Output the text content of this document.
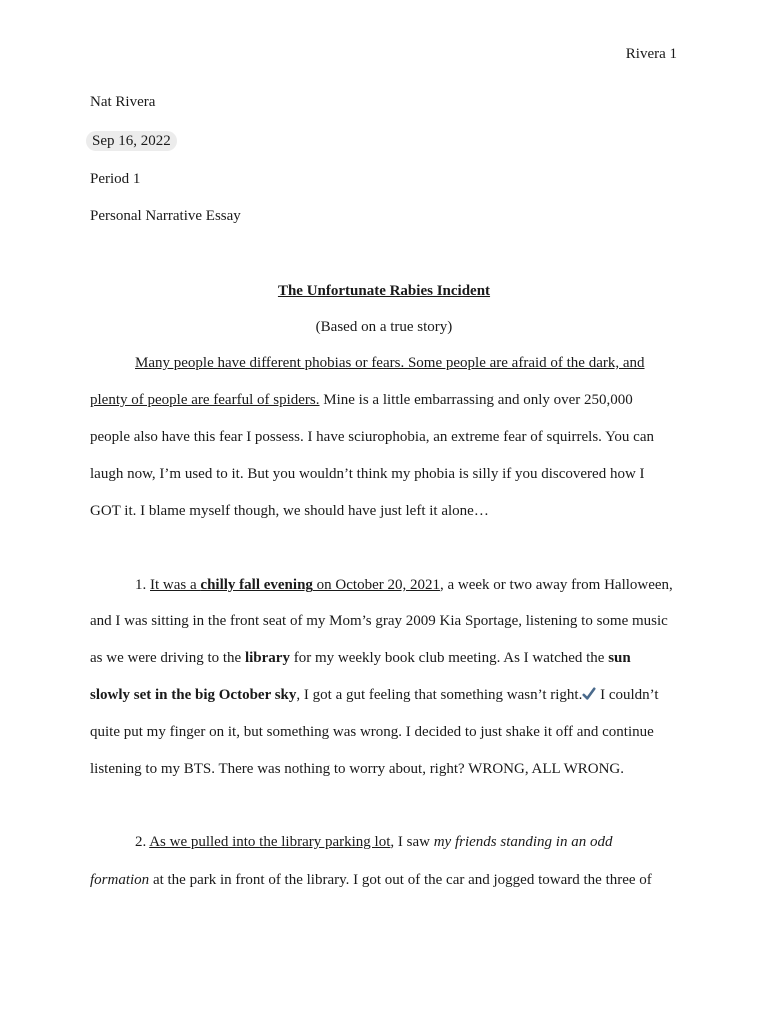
Rivera 1
Nat Rivera
Sep 16, 2022
Period 1
Personal Narrative Essay
The Unfortunate Rabies Incident
(Based on a true story)
Many people have different phobias or fears. Some people are afraid of the dark, and
plenty of people are fearful of spiders. Mine is a little embarrassing and only over 250,000
people also have this fear I possess. I have sciurophobia, an extreme fear of squirrels. You can
laugh now, I’m used to it. But you wouldn’t think my phobia is silly if you discovered how I
GOT it. I blame myself though, we should have just left it alone…
1. It was a chilly fall evening on October 20, 2021, a week or two away from Halloween,
and I was sitting in the front seat of my Mom’s gray 2009 Kia Sportage, listening to some music
as we were driving to the library for my weekly book club meeting. As I watched the sun
slowly set in the big October sky, I got a gut feeling that something wasn’t right. I couldn’t
quite put my finger on it, but something was wrong. I decided to just shake it off and continue
listening to my BTS. There was nothing to worry about, right? WRONG, ALL WRONG.
2. As we pulled into the library parking lot, I saw my friends standing in an odd
formation at the park in front of the library. I got out of the car and jogged toward the three of
